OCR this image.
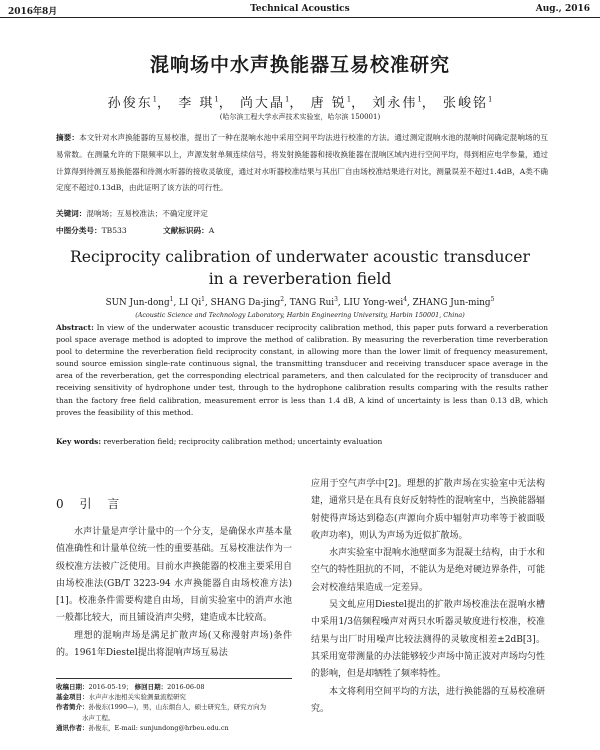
2016年8月	Technical Acoustics	Aug., 2016
混响场中水声换能器互易校准研究
孙俊东$^1$， 李 琪$^1$， 尚大晶$^1$， 唐 锐$^1$， 刘永伟$^1$， 张峻铭$^1$
(哈尔滨工程大学水声技术实验室，哈尔滨 150001)
摘要：本文针对水声换能器的互易校准，提出了一种在混响水池中采用空间平均法进行校准的方法。通过测定混响水池的混响时间确定混响场的互易常数。在测量允许的下限频率以上，声源发射单频连续信号，将发射换能器和接收换能器在混响区域内进行空间平均，得到相应电学参量，通过计算得到待测互易换能器和待测水听器的接收灵敏度，通过对水听器校准结果与其出厂自由场校准结果进行对比，测量误差不超过1.4dB，A类不确定度不超过0.13dB，由此证明了该方法的可行性。
关键词：混响场；互易校准法；不确定度评定
中图分类号：TB533	文献标识码：A
Reciprocity calibration of underwater acoustic transducer
in a reverberation field
SUN Jun-dong$^1$, LI Qi$^1$, SHANG Da-jing$^2$, TANG Rui$^3$, LIU Yong-wei$^4$, ZHANG Jun-ming$^5$
(Acoustic Science and Technology Laboratory, Harbin Engineering University, Harbin 150001, China)
Abstract: In view of the underwater acoustic transducer reciprocity calibration method, this paper puts forward a reverberation pool space average method is adopted to improve the method of calibration. By measuring the reverberation time reverberation pool to determine the reverberation field reciprocity constant, in allowing more than the lower limit of frequency measurement, sound source emission single-rate continuous signal, the transmitting transducer and receiving transducer space average in the area of the reverberation, get the corresponding electrical parameters, and then calculated for the reciprocity of transducer and receiving sensitivity of hydrophone under test, through to the hydrophone calibration results comparing with the results rather than the factory free field calibration, measurement error is less than 1.4 dB, A kind of uncertainty is less than 0.13 dB, which proves the feasibility of this method.
Key words: reverberation field; reciprocity calibration method; uncertainty evaluation
0 引 言

水声计量是声学计量中的一个分支，是确保水声基本量值准确性和计量单位统一性的重要基础。互易校准法作为一级校准方法被广泛使用。目前水声换能器的校准主要采用自由场校准法(GB/T 3223-94 水声换能器自由场校准方法)[1]。校准条件需要构建自由场，目前实验室中的消声水池一般都比较大，而且铺设消声尖劈，建造成本比较高。

理想的混响声场是满足扩散声场(又称漫射声场)条件的。1961年Diestel提出将混响声场互易法

应用于空气声学中[2]。理想的扩散声场在实验室中无法构建，通常只是在具有良好反射特性的混响室中，当换能器辐射使得声场达到稳态(声源向介质中辐射声功率等于被面吸收声功率)，则认为声场为近似扩散场。

水声实验室中混响水池壁面多为混凝土结构，由于水和空气的特性阻抗的不同，不能认为是绝对硬边界条件，可能会对校准结果造成一定差异。

吴文虬应用Diestel提出的扩散声场校准法在混响水槽中采用1/3倍频程噪声对两只水听器灵敏度进行校准，校准结果与出厂时用噪声比较法测得的灵敏度相差±2dB[3]。其采用宽带测量的办法能够较少声场中简正波对声场均匀性的影响，但是却牺牲了频率特性。

本文将利用空间平均的方法，进行换能器的互易校准研究。

收稿日期：2016-05-19； 修回日期：2016-06-08
基金项目：水声声水池相关实验测量流程研究
作者简介：孙俊东(1990—)，男，山东烟台人，硕士研究生，研究方向为
水声工程。
通讯作者：孙俊东，E-mail: sunjundong@hrbeu.edu.cn
